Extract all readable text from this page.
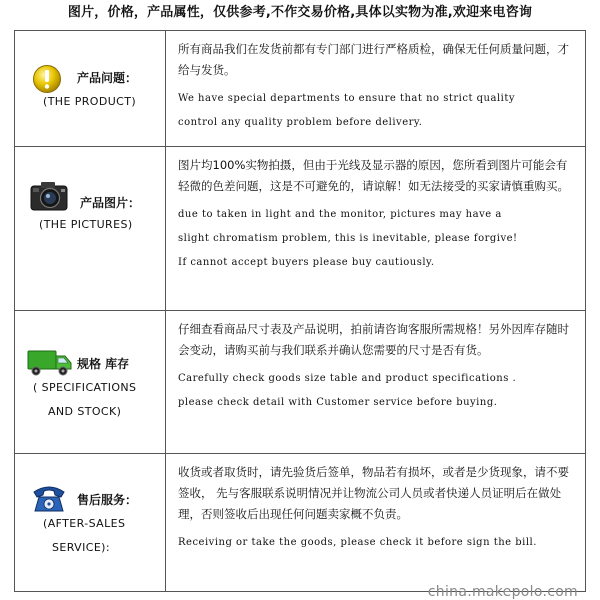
图片，价格，产品属性，仅供参考,不作交易价格,具体以实物为准,欢迎来电咨询
产品问题：
(THE PRODUCT)
所有商品我们在发货前都有专门部门进行严格质检，确保无任何质量问题，才给与发货。
We have special departments to ensure that no strict quality
control any quality problem before delivery.
产品图片：
(THE PICTURES)
图片均100%实物拍摄，但由于光线及显示器的原因，您所看到图片可能会有轻微的色差问题，这是不可避免的，请谅解！如无法接受的买家请慎重购买。
due to taken in light and the monitor, pictures may have a
slight chromatism problem, this is inevitable, please forgive!
If cannot accept buyers please buy cautiously.
规格 库存
( SPECIFICATIONS
AND STOCK)
仔细查看商品尺寸表及产品说明，拍前请咨询客服所需规格！另外因库存随时会变动，请购买前与我们联系并确认您需要的尺寸是否有货。
Carefully check goods size table and product specifications .
please check detail with Customer service before buying.
售后服务：
(AFTER-SALES
SERVICE):
收货或者取货时，请先验货后签单，物品若有损坏，或者是少货现象，请不要签收， 先与客服联系说明情况并让物流公司人员或者快递人员证明后在做处理，否则签收后出现任何问题卖家概不负责。
Receiving or take the goods, please check it before sign the bill.
china.makepolo.com
